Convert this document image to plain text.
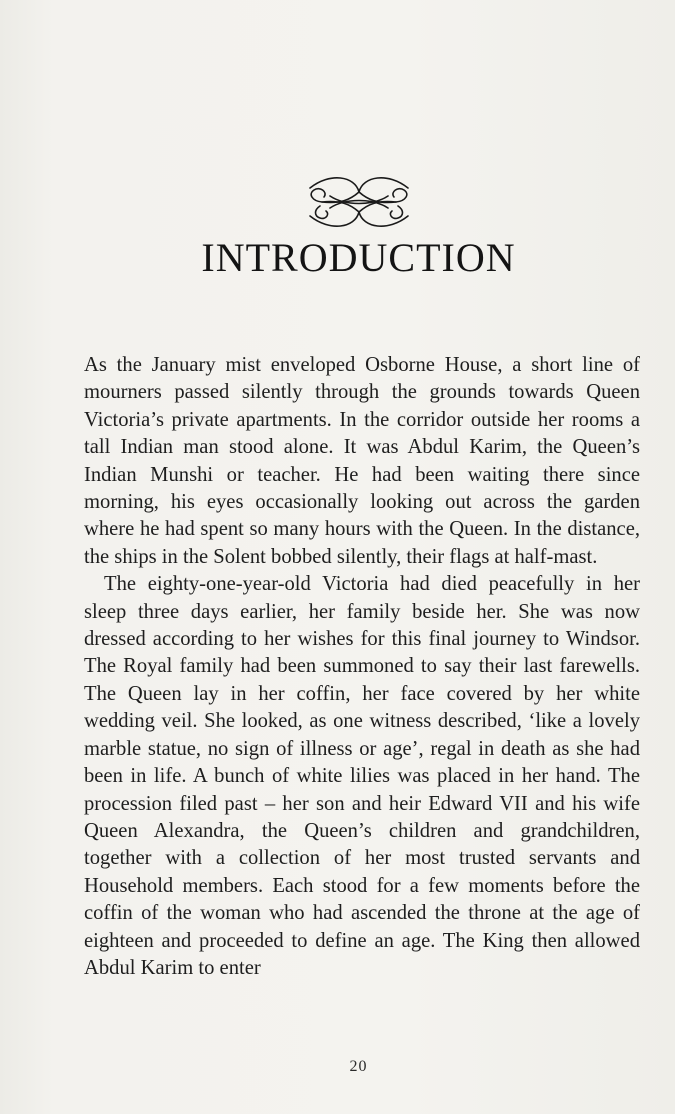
INTRODUCTION

As the January mist enveloped Osborne House, a short line of mourners passed silently through the grounds towards Queen Victoria’s private apartments. In the corridor outside her rooms a tall Indian man stood alone. It was Abdul Karim, the Queen’s Indian Munshi or teacher. He had been waiting there since morning, his eyes occasionally looking out across the garden where he had spent so many hours with the Queen. In the distance, the ships in the Solent bobbed silently, their flags at half-mast.

The eighty-one-year-old Victoria had died peacefully in her sleep three days earlier, her family beside her. She was now dressed according to her wishes for this final journey to Windsor. The Royal family had been summoned to say their last farewells. The Queen lay in her coffin, her face covered by her white wedding veil. She looked, as one witness described, ‘like a lovely marble statue, no sign of illness or age’, regal in death as she had been in life. A bunch of white lilies was placed in her hand. The procession filed past – her son and heir Edward VII and his wife Queen Alexandra, the Queen’s children and grandchildren, together with a collection of her most trusted servants and Household members. Each stood for a few moments before the coffin of the woman who had ascended the throne at the age of eighteen and proceeded to define an age. The King then allowed Abdul Karim to enter

20
